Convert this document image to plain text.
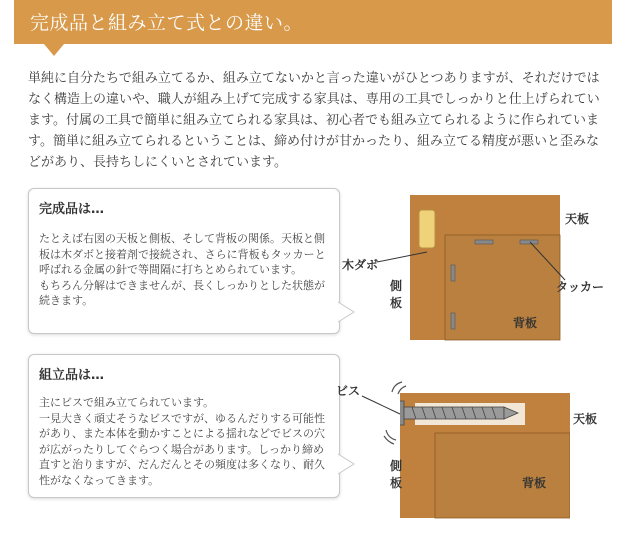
完成品と組み立て式との違い。
単純に自分たちで組み立てるか、組み立てないかと言った違いがひとつありますが、それだけではなく構造上の違いや、職人が組み上げて完成する家具は、専用の工具でしっかりと仕上げられています。付属の工具で簡単に組み立てられる家具は、初心者でも組み立てられるように作られています。簡単に組み立てられるということは、締め付けが甘かったり、組み立てる精度が悪いと歪みなどがあり、長持ちしにくいとされています。
完成品は…
たとえば右図の天板と側板、そして背板の関係。天板と側板は木ダボと接着剤で接続され、さらに背板もタッカーと呼ばれる金属の針で等間隔に打ちとめられています。
もちろん分解はできませんが、長くしっかりとした状態が続きます。
天板
木ダボ
側
板
タッカー
背板
組立品は…
主にビスで組み立てられています。
一見大きく頑丈そうなビスですが、ゆるんだりする可能性があり、また本体を動かすことによる揺れなどでビスの穴が広がったりしてぐらつく場合があります。しっかり締め直すと治りますが、だんだんとその頻度は多くなり、耐久性がなくなってきます。
ビス
天板
側
板	背板
